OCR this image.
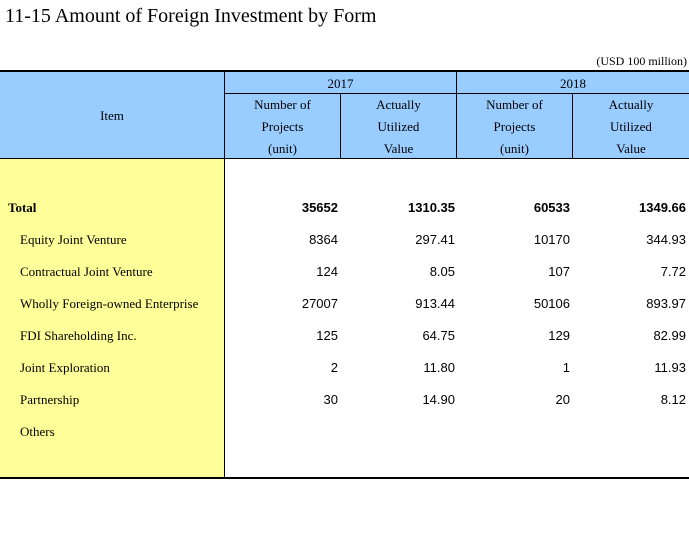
11-15 Amount of Foreign Investment by Form
(USD 100 million)
Item
2017	2018
Number of
Projects
(unit)
Actually
Utilized
Value
Number of
Projects
(unit)
Actually
Utilized
Value
Total	35652	1310.35	60533	1349.66
Equity Joint Venture	8364	297.41	10170	344.93
Contractual Joint Venture	124	8.05	107	7.72
Wholly Foreign-owned Enterprise	27007	913.44	50106	893.97
FDI Shareholding Inc.	125	64.75	129	82.99
Joint Exploration	2	11.80	1	11.93
Partnership	30	14.90	20	8.12
Others
